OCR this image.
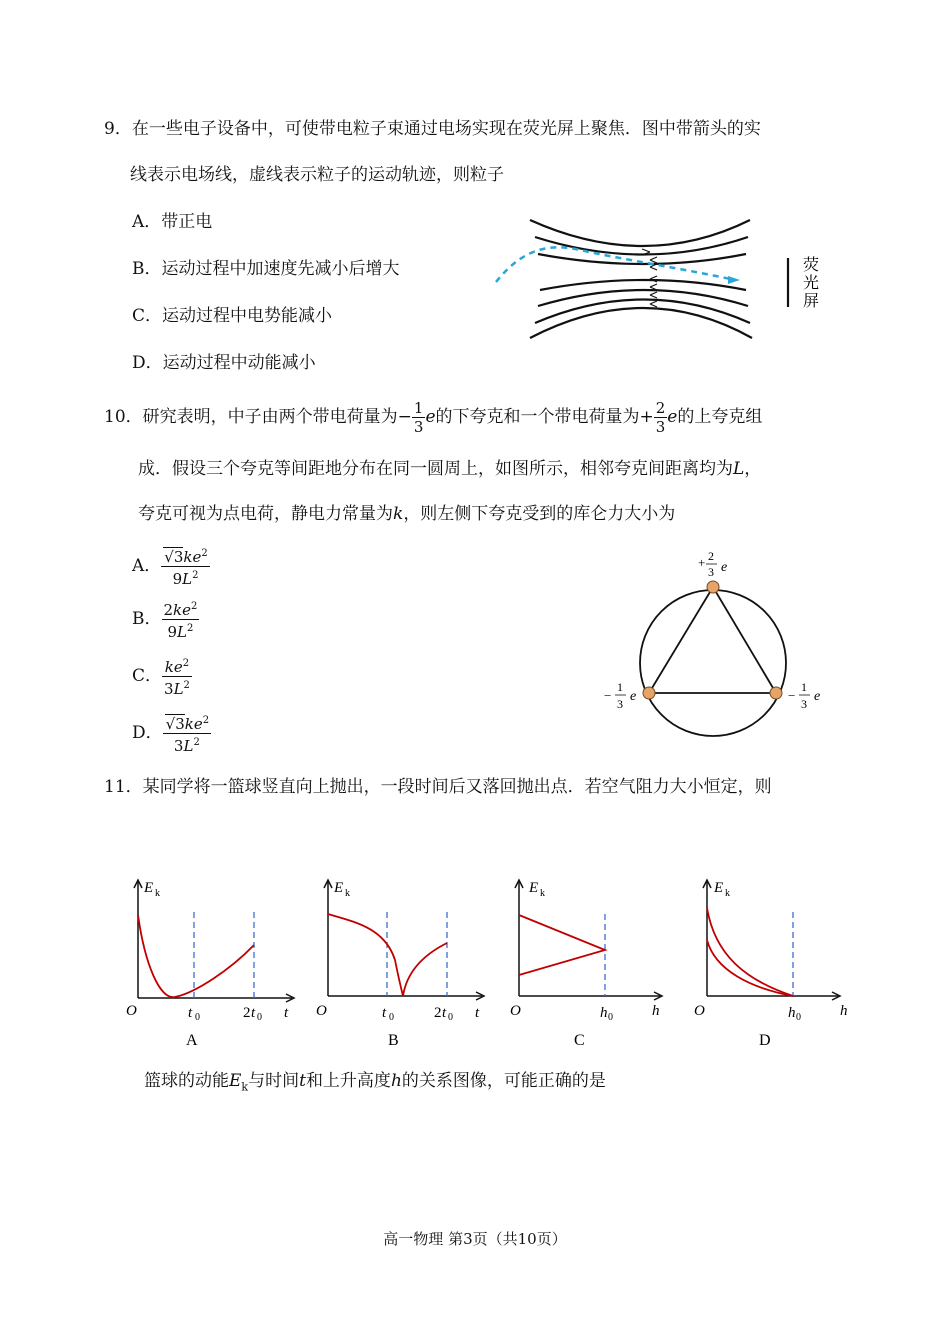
9．在一些电子设备中，可使带电粒子束通过电场实现在荧光屏上聚焦．图中带箭头的实
线表示电场线，虚线表示粒子的运动轨迹，则粒子
A．带正电
B．运动过程中加速度先减小后增大
C．运动过程中电势能减小
D．运动过程中动能减小
荧
光
屏
10．研究表明，中子由两个带电荷量为− $\frac{1}{3}$ e的下夸克和一个带电荷量为+ $\frac{2}{3}$ e的上夸克组
成．假设三个夸克等间距地分布在同一圆周上，如图所示，相邻夸克间距离均为L，
夸克可视为点电荷，静电力常量为k，则左侧下夸克受到的库仑力大小为
A． $\frac{√3ke^2}{9L^2}$
B． $\frac{2ke^2}{9L^2}$
C． $\frac{ke^2}{3L^2}$
D． $\frac{√3ke^2}{3L^2}$
+ 2
3 e
−
1
3 e	−
1
3 e
11．某同学将一篮球竖直向上抛出，一段时间后又落回抛出点．若空气阻力大小恒定，则
E k
O	t 0	2 t 0 t
A
E k
O	t 0	2 t 0 t
B
E k
O	h 0	h
C
E k
O	h 0	h
D
篮球的动能$E_k$与时间t和上升高度h的关系图像，可能正确的是
高一物理 第3页（共10页）
